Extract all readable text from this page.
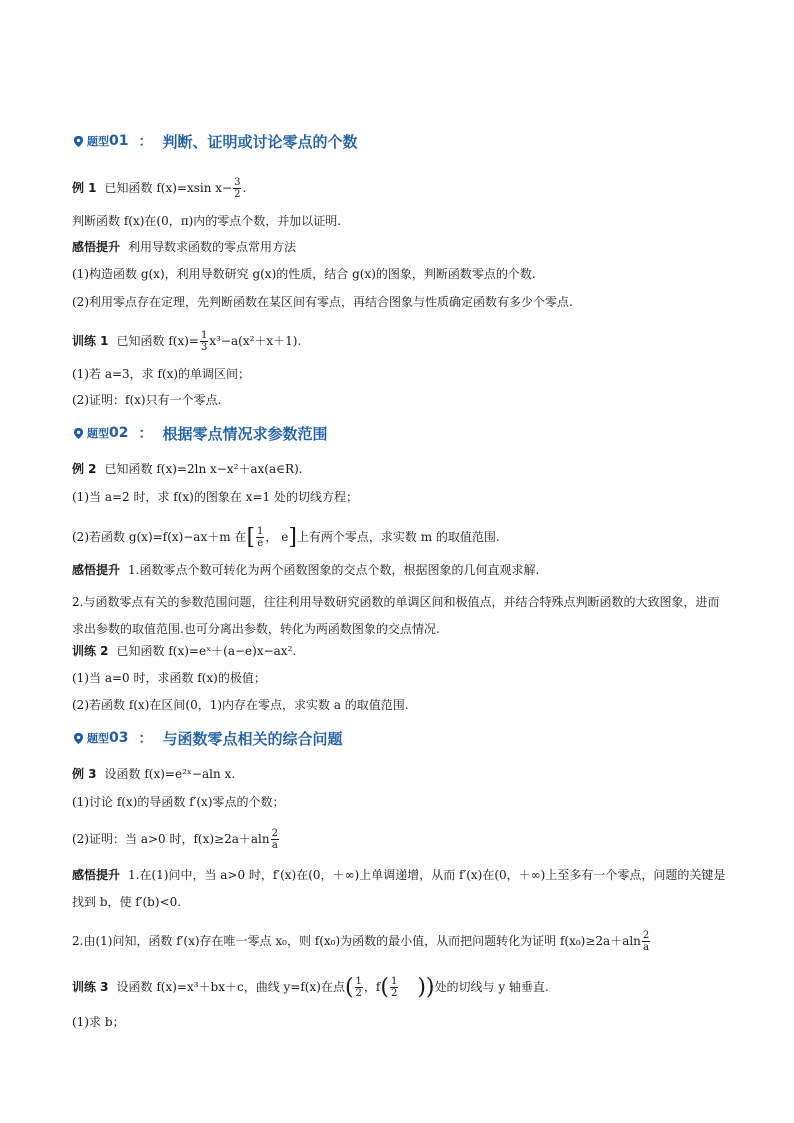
题型 01 ： 判断、证明或讨论零点的个数
例 1 已知函数 f(x)=xsin $x- \frac{3}{2}$ .
判断函数 f(x)在(0，π)内的零点个数，并加以证明.
感悟提升 利用导数求函数的零点常用方法
(1)构造函数 g(x)，利用导数研究 g(x)的性质，结合 g(x)的图象，判断函数零点的个数.
(2)利用零点存在定理，先判断函数在某区间有零点，再结合图象与性质确定函数有多少个零点.
训练 1 已知函数 $f(x)= \frac{1}{3} x^3-a(x^2+x+1)$.
(1)若 a=3，求 f(x)的单调区间；
(2)证明：f(x)只有一个零点.
题型 02 ： 根据零点情况求参数范围
例 2 已知函数 f(x)=2ln x−x²＋ax(a∈R).
(1)当 a=2 时，求 f(x)的图象在 x=1 处的切线方程；
(2)若函数 g(x)=f(x)−ax＋m 在[ $\frac{1}{e}$ ， e]上有两个零点，求实数 m 的取值范围.
感悟提升 1.函数零点个数可转化为两个函数图象的交点个数，根据图象的几何直观求解.
2.与函数零点有关的参数范围问题，往往利用导数研究函数的单调区间和极值点，并结合特殊点判断函数的大致图象，进而求出参数的取值范围.也可分离出参数，转化为两函数图象的交点情况.
训练 2 已知函数 f(x)=eˣ＋(a−e)x−ax².
(1)当 a=0 时，求函数 f(x)的极值；
(2)若函数 f(x)在区间(0，1)内存在零点，求实数 a 的取值范围.
题型 03 ： 与函数零点相关的综合问题
例 3 设函数 f(x)=e²ˣ−aln x.
(1)讨论 f(x)的导函数 f′(x)零点的个数；
(2)证明：当 a>0 时，$f(x)\ge 2a+aln \frac{2}{a}$
感悟提升 1.在(1)问中，当 a>0 时，f′(x)在(0，＋∞)上单调递增，从而 f′(x)在(0，＋∞)上至多有一个零点，问题的关键是找到 b，使 f′(b)<0.
2.由(1)问知，函数 f′(x)存在唯一零点 x₀，则 f(x₀)为函数的最小值，从而把问题转化为证明 $f(x_0)\ge 2a+aln \frac{2}{a}$
训练 3 设函数 f(x)=x³＋bx＋c，曲线 y=f(x)在点( $\frac{1}{2}$ ，$f( \frac{1}{2}$ ))处的切线与 y 轴垂直.
(1)求 b；
